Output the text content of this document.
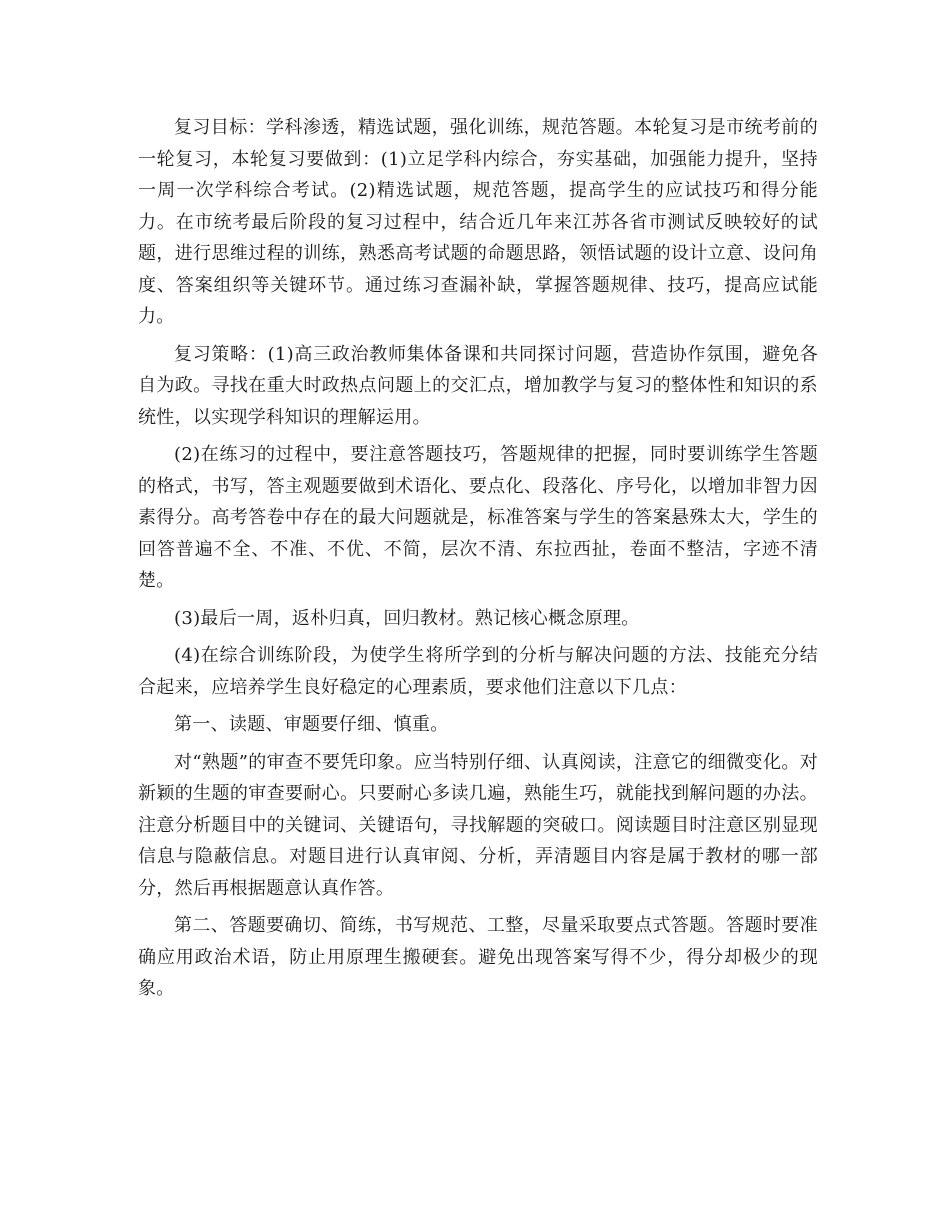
复习目标：学科渗透，精选试题，强化训练，规范答题。本轮复习是市统考前的一轮复习，本轮复习要做到：(1)立足学科内综合，夯实基础，加强能力提升，坚持一周一次学科综合考试。(2)精选试题，规范答题，提高学生的应试技巧和得分能力。在市统考最后阶段的复习过程中，结合近几年来江苏各省市测试反映较好的试题，进行思维过程的训练，熟悉高考试题的命题思路，领悟试题的设计立意、设问角度、答案组织等关键环节。通过练习查漏补缺，掌握答题规律、技巧，提高应试能力。

复习策略：(1)高三政治教师集体备课和共同探讨问题，营造协作氛围，避免各自为政。寻找在重大时政热点问题上的交汇点，增加教学与复习的整体性和知识的系统性，以实现学科知识的理解运用。

(2)在练习的过程中，要注意答题技巧，答题规律的把握，同时要训练学生答题的格式，书写，答主观题要做到术语化、要点化、段落化、序号化，以增加非智力因素得分。高考答卷中存在的最大问题就是，标准答案与学生的答案悬殊太大，学生的回答普遍不全、不准、不优、不简，层次不清、东拉西扯，卷面不整洁，字迹不清楚。

(3)最后一周，返朴归真，回归教材。熟记核心概念原理。

(4)在综合训练阶段，为使学生将所学到的分析与解决问题的方法、技能充分结合起来，应培养学生良好稳定的心理素质，要求他们注意以下几点：

第一、读题、审题要仔细、慎重。

对“熟题”的审查不要凭印象。应当特别仔细、认真阅读，注意它的细微变化。对新颖的生题的审查要耐心。只要耐心多读几遍，熟能生巧，就能找到解问题的办法。注意分析题目中的关键词、关键语句，寻找解题的突破口。阅读题目时注意区别显现信息与隐蔽信息。对题目进行认真审阅、分析，弄清题目内容是属于教材的哪一部分，然后再根据题意认真作答。

第二、答题要确切、简练，书写规范、工整，尽量采取要点式答题。答题时要准确应用政治术语，防止用原理生搬硬套。避免出现答案写得不少，得分却极少的现象。
